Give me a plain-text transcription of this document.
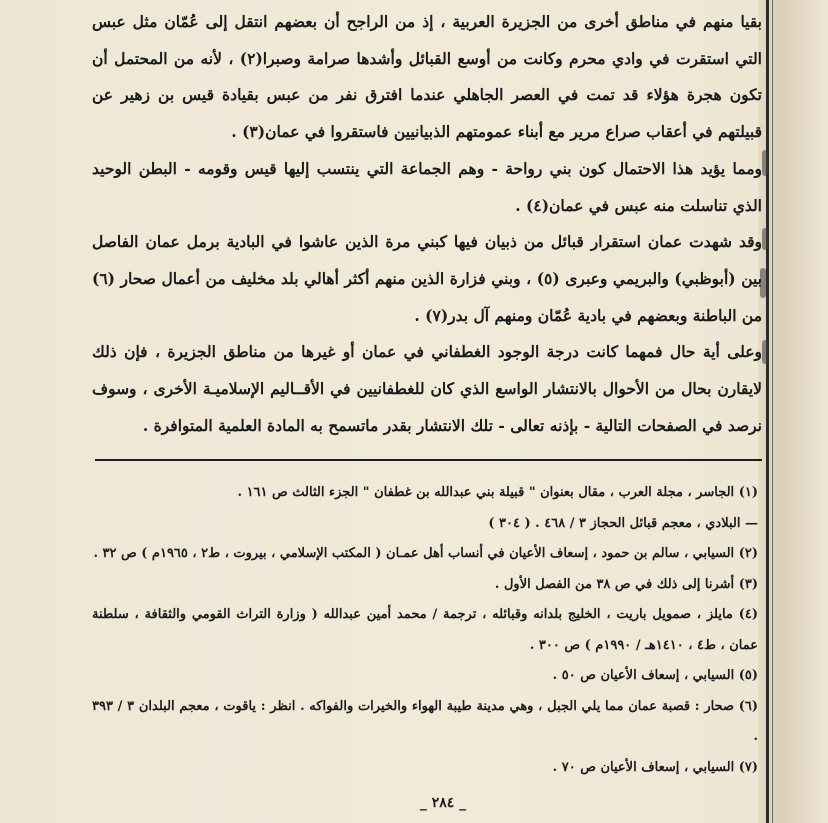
بقيا منهم في مناطق أخرى من الجزيرة العربية ، إذ من الراجح أن بعضهم انتقل إلى عُمّان مثل عبس التي استقرت في وادي محرم وكانت من أوسع القبائل وأشدها صرامة وصبرا(٢) ، لأنه من المحتمل أن تكون هجرة هؤلاء قد تمت في العصر الجاهلي عندما افترق نفر من عبس بقيادة قيس بن زهير عن قبيلتهم في أعقاب صراع مرير مع أبناء عمومتهم الذبيانيين فاستقروا في عمان(٣) .

ومما يؤيد هذا الاحتمال كون بني رواحة - وهم الجماعة التي ينتسب إليها قيس وقومه - البطن الوحيد الذي تناسلت منه عبس في عمان(٤) .

وقد شهدت عمان استقرار قبائل من ذبيان فيها كبني مرة الذين عاشوا في البادية برمل عمان الفاصل بين (أبوظبي) والبريمي وعبرى (٥) ، وبني فزارة الذين منهم أكثر أهالي بلد مخليف من أعمال صحار (٦) من الباطنة وبعضهم في بادية عُمّان ومنهم آل بدر(٧) .

وعلى أية حال فمهما كانت درجة الوجود الغطفاني في عمان أو غيرها من مناطق الجزيرة ، فإن ذلك لايقارن بحال من الأحوال بالانتشار الواسع الذي كان للغطفانيين في الأقــاليم الإسلاميـة الأخرى ، وسوف نرصد في الصفحات التالية - بإذنه تعالى - تلك الانتشار بقدر ماتسمح به المادة العلمية المتوافرة .

(١) الجاسر ، مجلة العرب ، مقال بعنوان " قبيلة بني عبدالله بن غطفان " الجزء الثالث ص ١٦١ .

— البلادي ، معجم قبائل الحجاز ٣ / ٤٦٨ . ( ٣٠٤ )

(٢) السيابي ، سالم بن حمود ، إسعاف الأعيان في أنساب أهل عمـان ( المكتب الإسلامي ، بيروت ، ط٢ ، ١٩٦٥م ) ص ٣٢ .

(٣) أشرنا إلى ذلك في ص ٣٨ من الفصل الأول .

(٤) مايلز ، صمويل باريت ، الخليج بلدانه وقبائله ، ترجمة / محمد أمين عبدالله ( وزارة التراث القومي والثقافة ، سلطنة عمان ، ط٤ ، ١٤١٠هـ / ١٩٩٠م ) ص ٣٠٠ .

(٥) السيابي ، إسعاف الأعيان ص ٥٠ .

(٦) صحار : قصبة عمان مما يلي الجبل ، وهي مدينة طيبة الهواء والخيرات والفواكه . انظر : ياقوت ، معجم البلدان ٣ / ٣٩٣ .

(٧) السيابي ، إسعاف الأعيان ص ٧٠ .

_ ٢٨٤ _
